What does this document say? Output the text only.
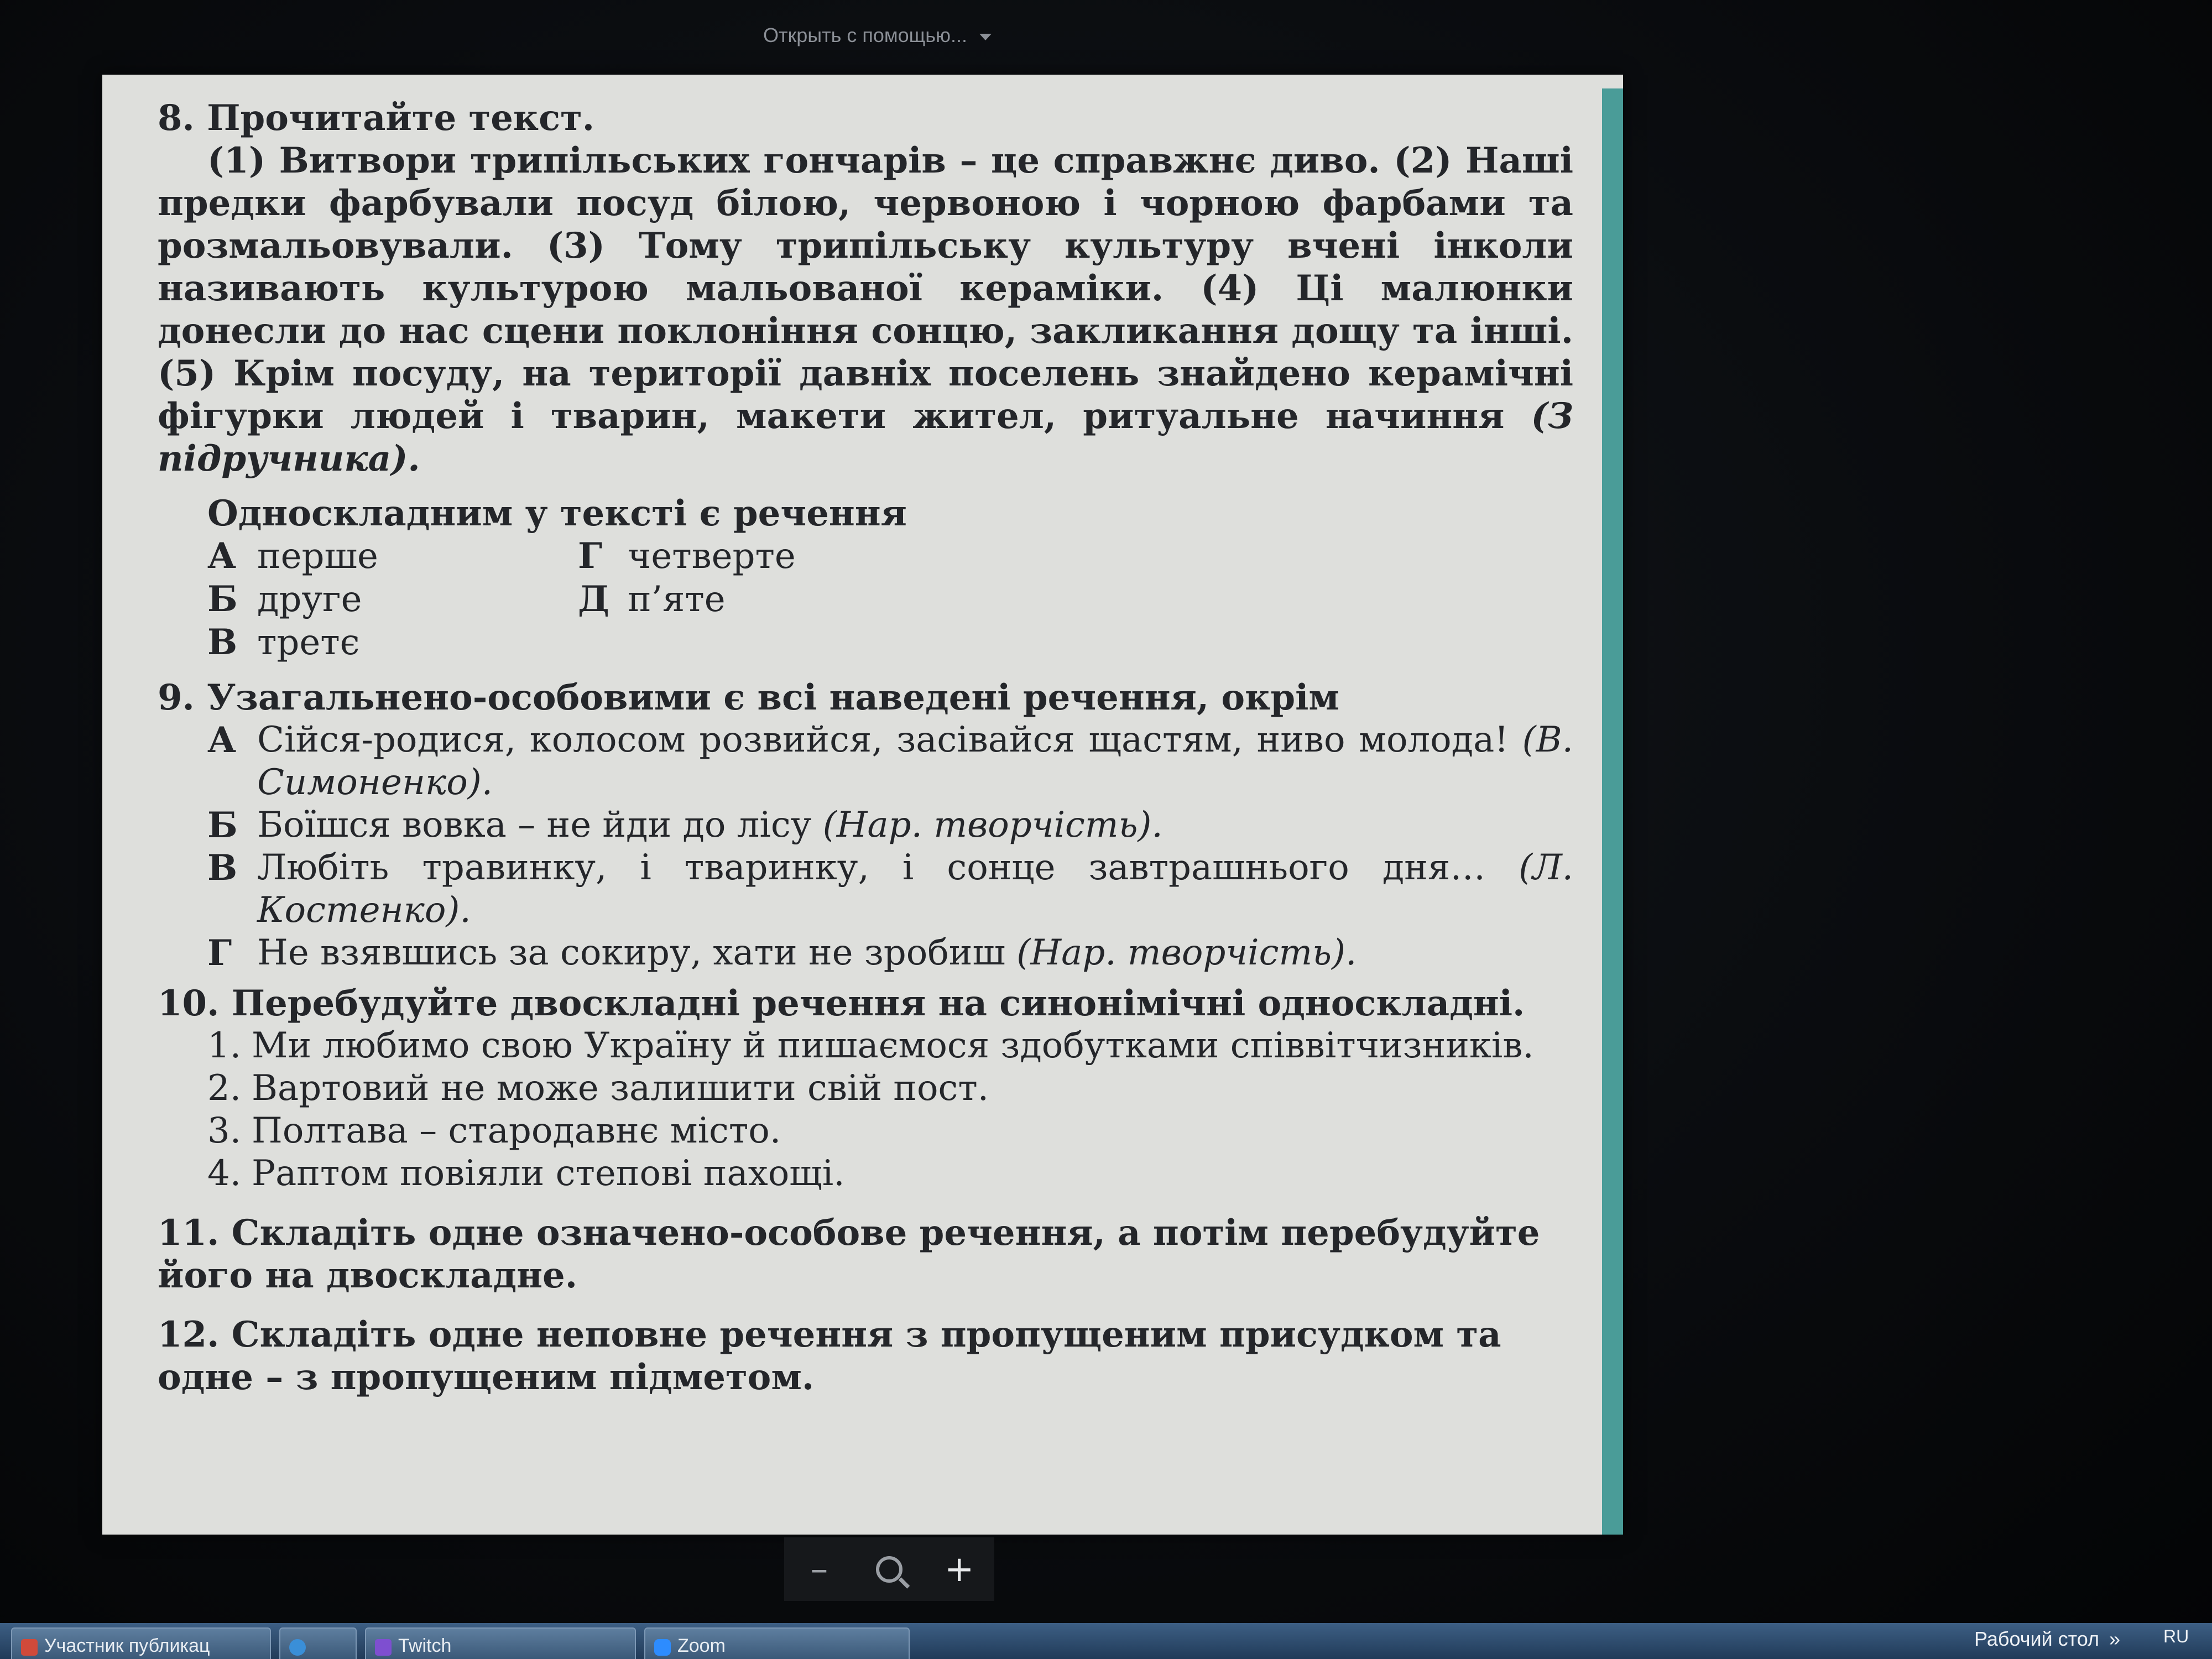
Открыть с помощью...

8. Прочитайте текст.

(1) Витвори трипільських гончарів – це справжнє диво. (2) Наші предки фарбували посуд білою, червоною і чорною фарбами та розмальовували. (3) Тому трипільську культуру вчені інколи називають культурою мальованої кераміки. (4) Ці малюнки донесли до нас сцени поклоніння сонцю, закликання дощу та інші. (5) Крім посуду, на території давніх поселень знайдено керамічні фігурки людей і тварин, макети жител, ритуальне начиння (З підручника).

Односкладним у тексті є речення
А перше	Г четверте
Б друге	Д п’яте
В третє

9. Узагальнено-особовими є всі наведені речення, окрім

А Сійся-родися, колосом розвийся, засівайся щастям, ниво молода! (В. Симоненко).
Б Боїшся вовка – не йди до лісу (Нар. творчість).
В Любіть травинку, і тваринку, і сонце завтрашнього дня… (Л. Костенко).
Г Не взявшись за сокиру, хати не зробиш (Нар. творчість).

10. Перебудуйте двоскладні речення на синонімічні односкладні.

1. Ми любимо свою Україну й пишаємося здобутками співвітчизників.
2. Вартовий не може залишити свій пост.
3. Полтава – стародавнє місто.
4. Раптом повіяли степові пахощі.

11. Складіть одне означено-особове речення, а потім перебудуйте його на двоскладне.

12. Складіть одне неповне речення з пропущеним присудком та одне – з пропущеним підметом.

–	+
Участник публикац	Twitch	Zoom	Рабочий стол » RU
